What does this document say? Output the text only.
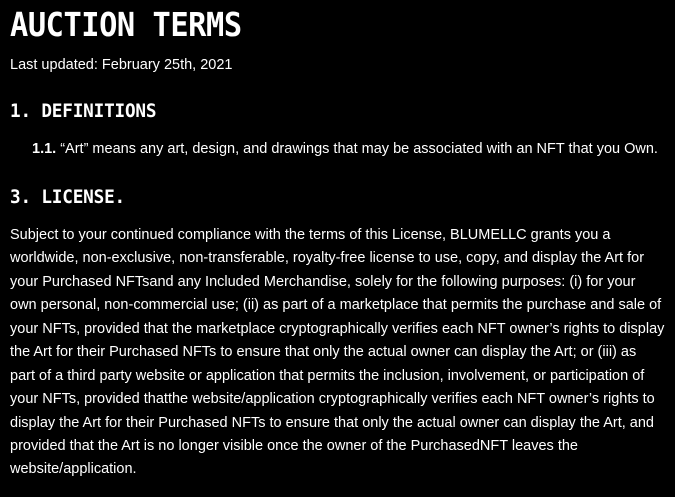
AUCTION TERMS

Last updated: February 25th, 2021

1. DEFINITIONS

1.1. “Art” means any art, design, and drawings that may be associated with an NFT that you Own.

3. LICENSE.

Subject to your continued compliance with the terms of this License, BLUMELLC grants you a worldwide, non-exclusive, non-transferable, royalty-free license to use, copy, and display the Art for your Purchased NFTsand any Included Merchandise, solely for the following purposes: (i) for your own personal, non-commercial use; (ii) as part of a marketplace that permits the purchase and sale of your NFTs, provided that the marketplace cryptographically verifies each NFT owner’s rights to display the Art for their Purchased NFTs to ensure that only the actual owner can display the Art; or (iii) as part of a third party website or application that permits the inclusion, involvement, or participation of your NFTs, provided thatthe website/application cryptographically verifies each NFT owner’s rights to display the Art for their Purchased NFTs to ensure that only the actual owner can display the Art, and provided that the Art is no longer visible once the owner of the PurchasedNFT leaves the website/application.
